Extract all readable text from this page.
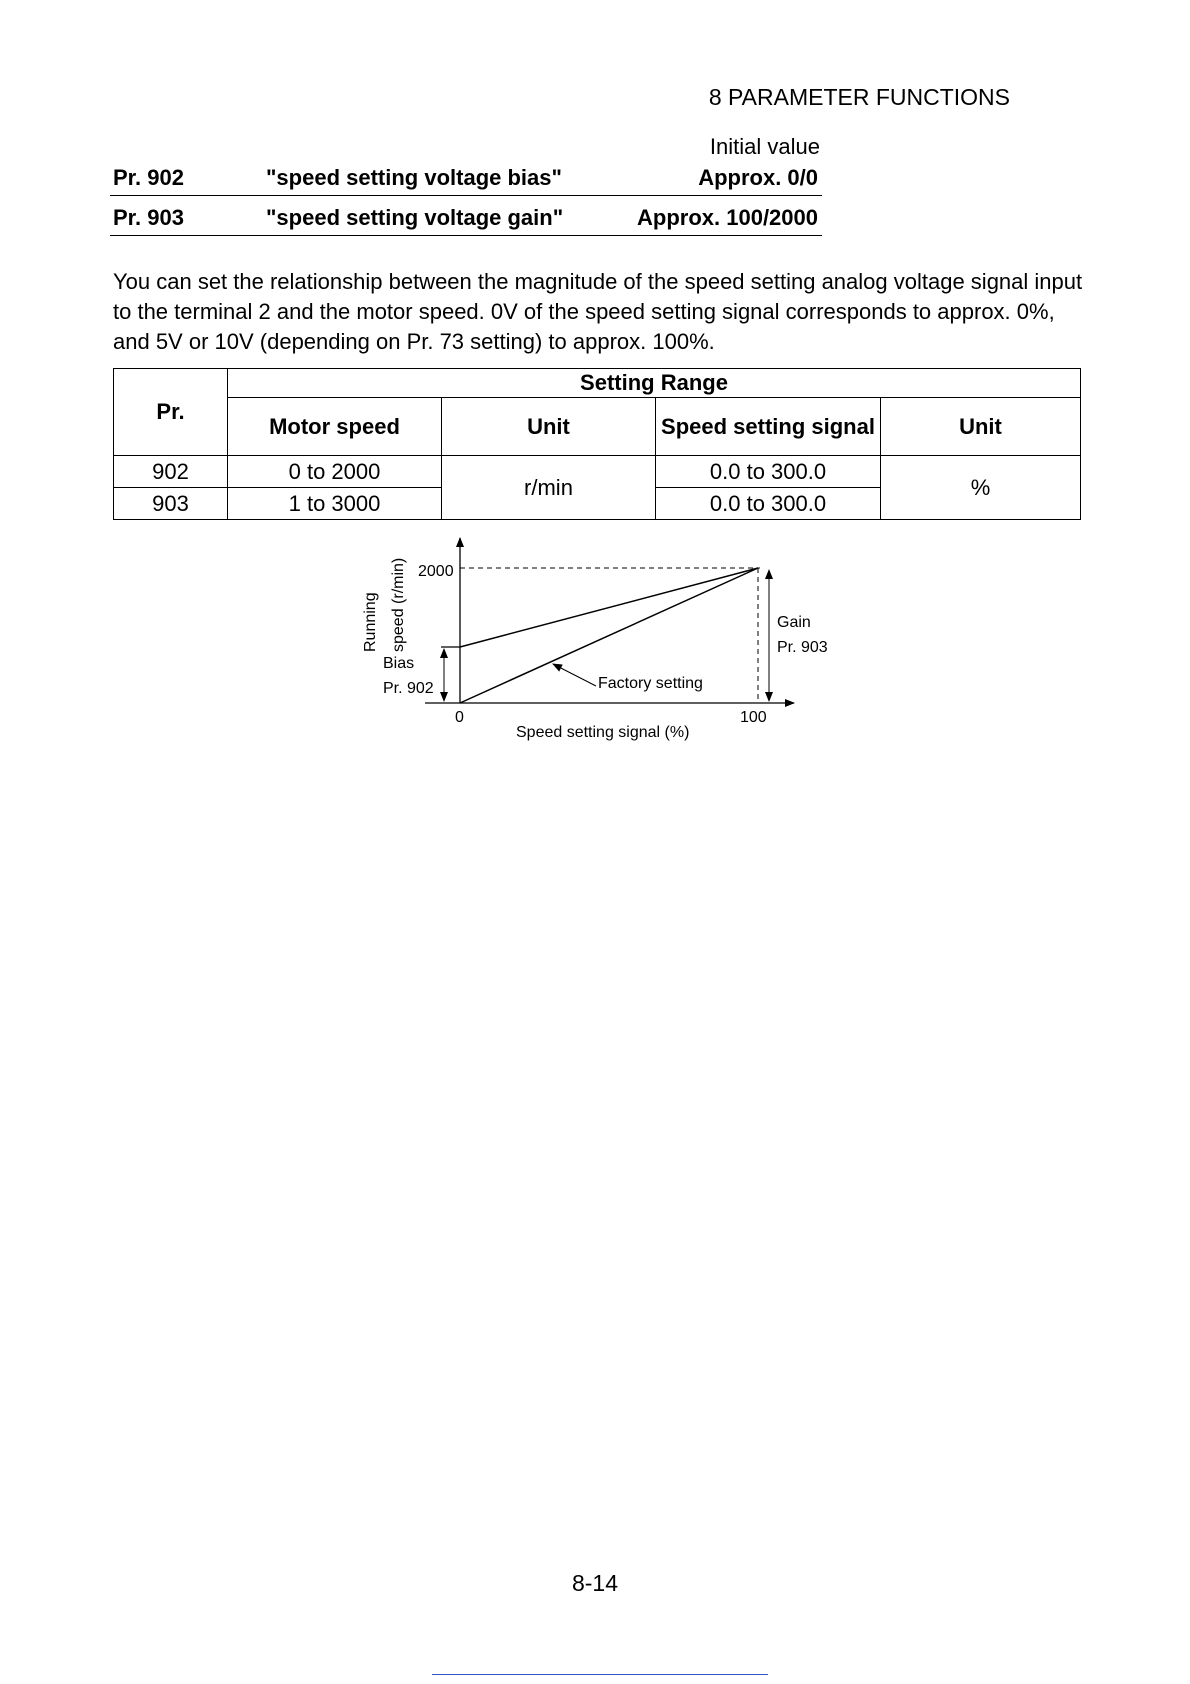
8 PARAMETER FUNCTIONS
Initial value
Pr. 902	"speed setting voltage bias"	Approx. 0/0
Pr. 903	"speed setting voltage gain"	Approx. 100/2000
You can set the relationship between the magnitude of the speed setting analog voltage signal input to the terminal 2 and the motor speed. 0V of the speed setting signal corresponds to approx. 0%, and 5V or 10V (depending on Pr. 73 setting) to approx. 100%.
Pr.	Setting Range			
	Motor speed	Unit	Speed setting signal	Unit
902	0 to 2000	r/min	0.0 to 300.0	%
903	1 to 3000		0.0 to 300.0	
Running speed (r/min) 2000
Bias
Pr. 902
Gain
Pr. 903
Factory setting
0	100
Speed setting signal (%)
8-14
